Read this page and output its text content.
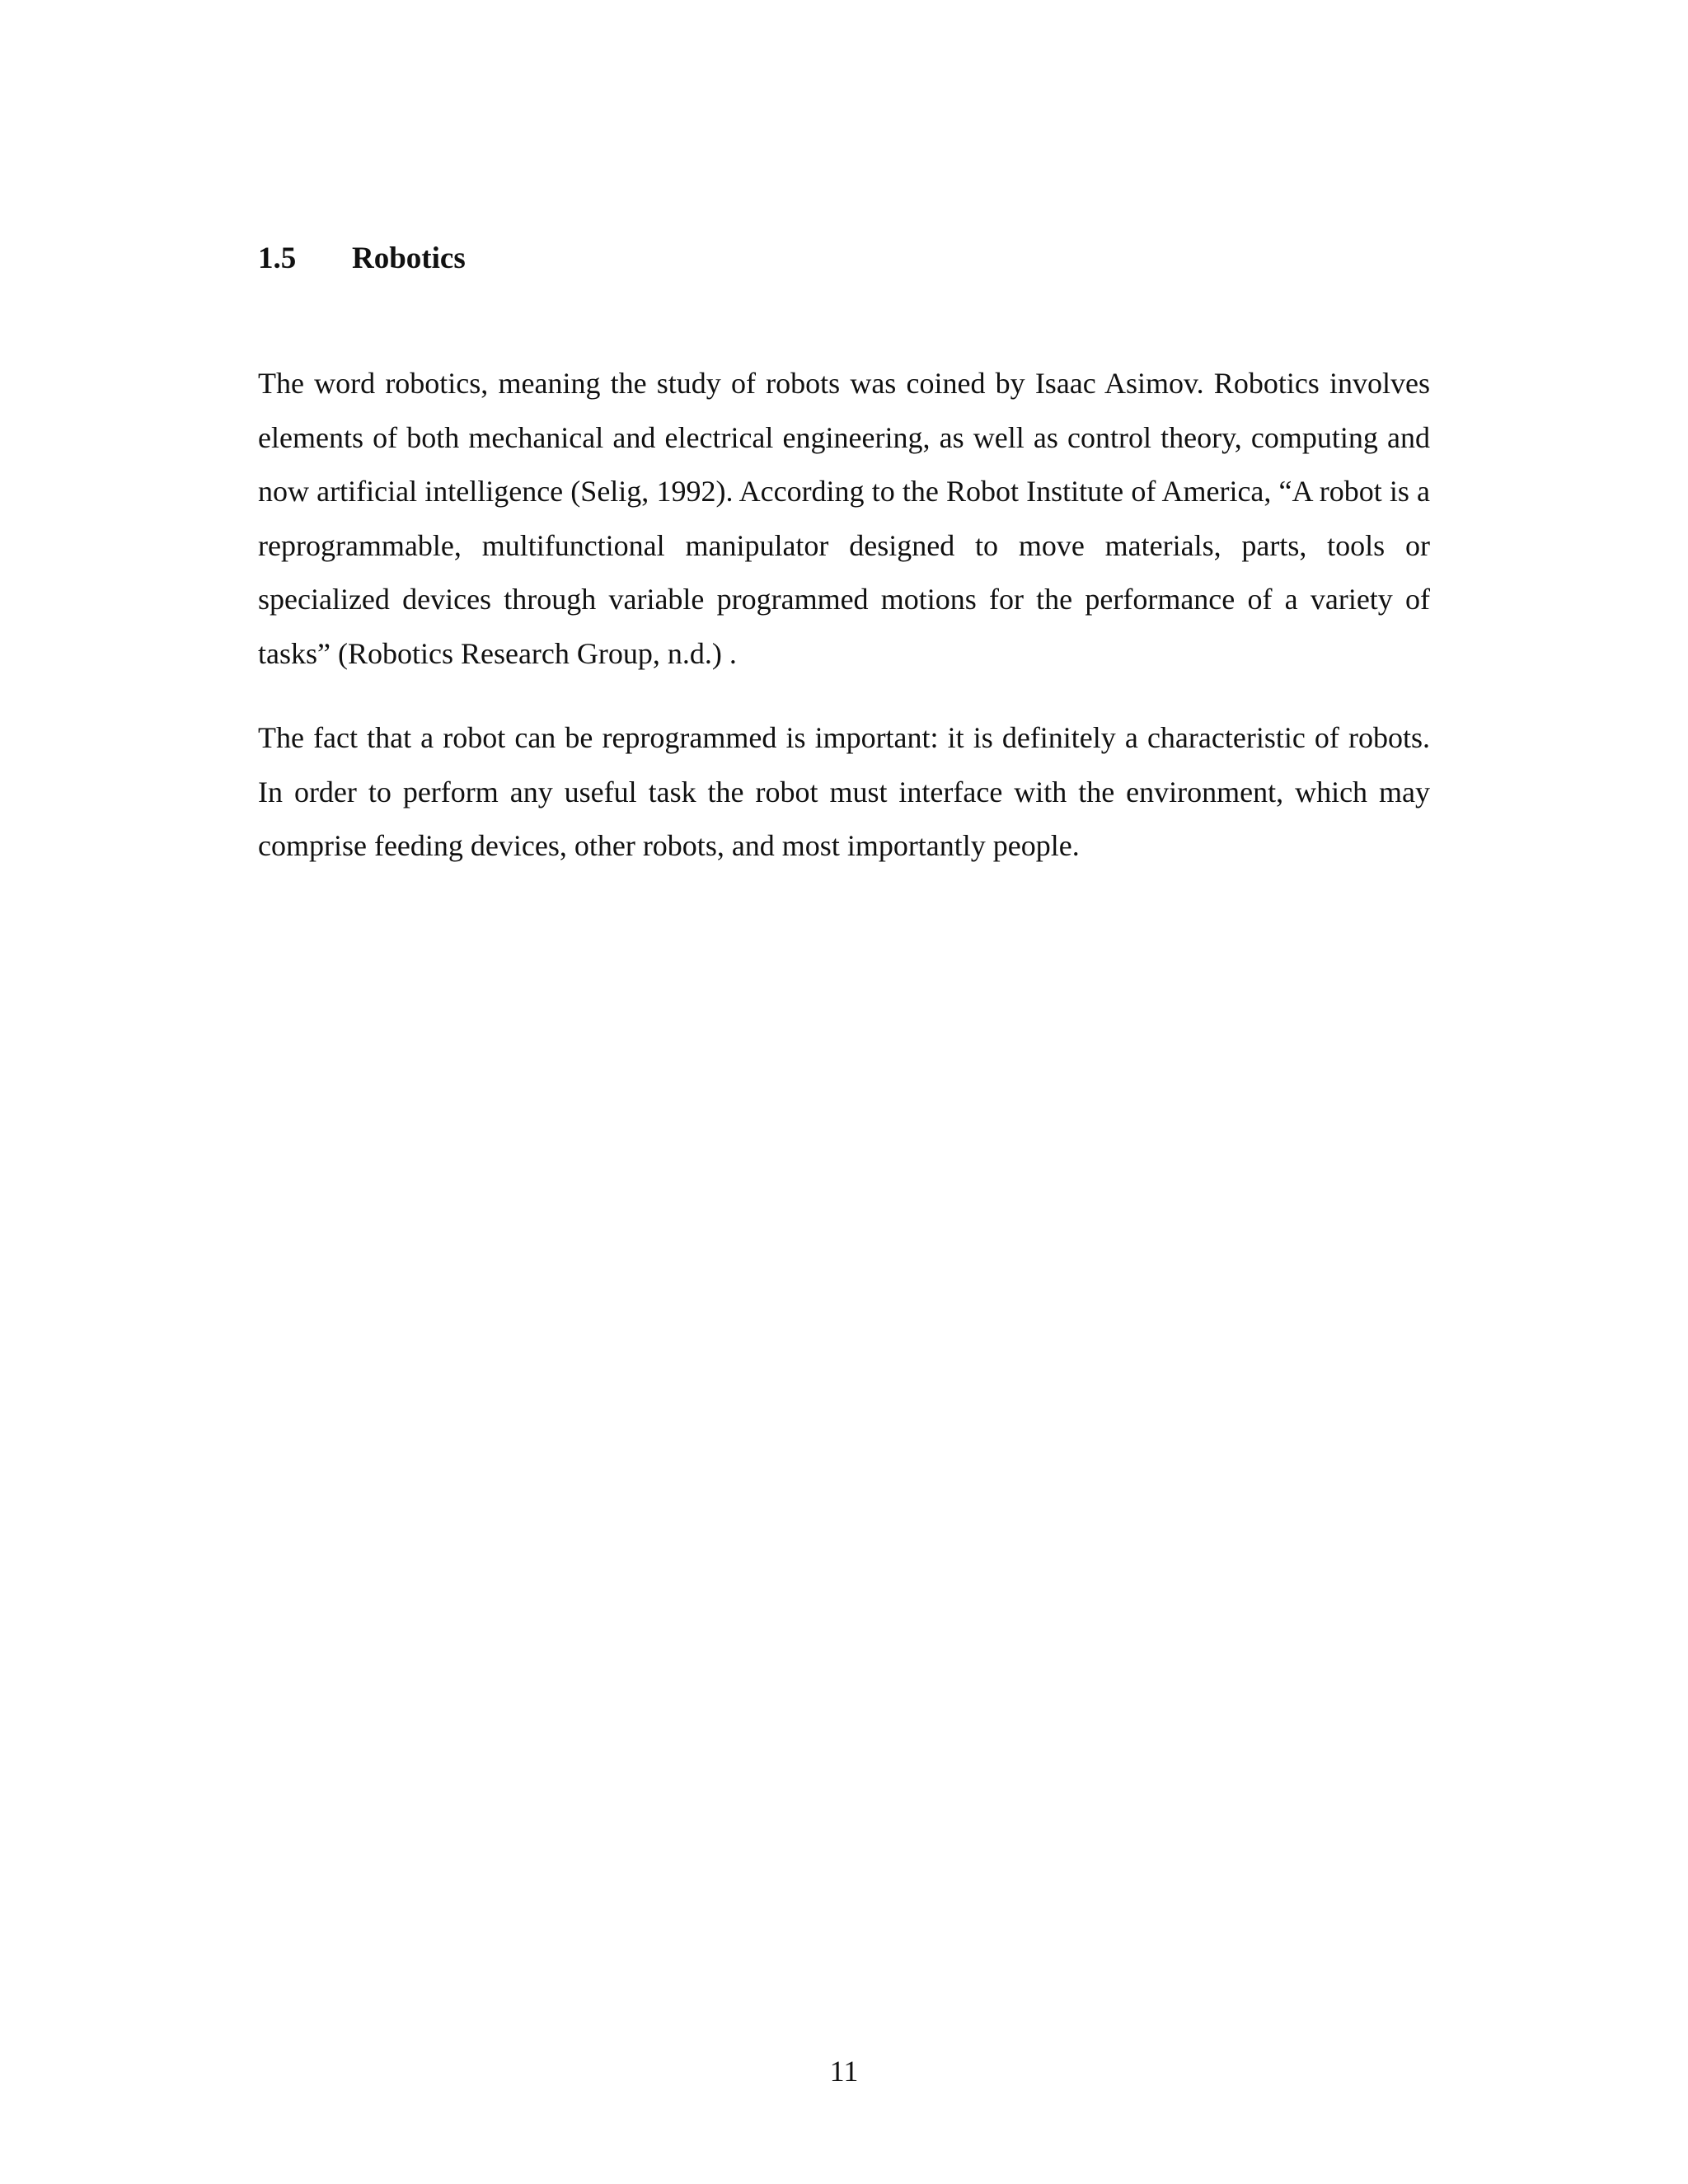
1.5 Robotics

The word robotics, meaning the study of robots was coined by Isaac Asimov. Robotics involves elements of both mechanical and electrical engineering, as well as control theory, computing and now artificial intelligence (Selig, 1992). According to the Robot Institute of America, “A robot is a reprogrammable, multifunctional manipulator designed to move materials, parts, tools or specialized devices through variable programmed motions for the performance of a variety of tasks” (Robotics Research Group, n.d.) .

The fact that a robot can be reprogrammed is important: it is definitely a characteristic of robots. In order to perform any useful task the robot must interface with the environment, which may comprise feeding devices, other robots, and most importantly people.

11
